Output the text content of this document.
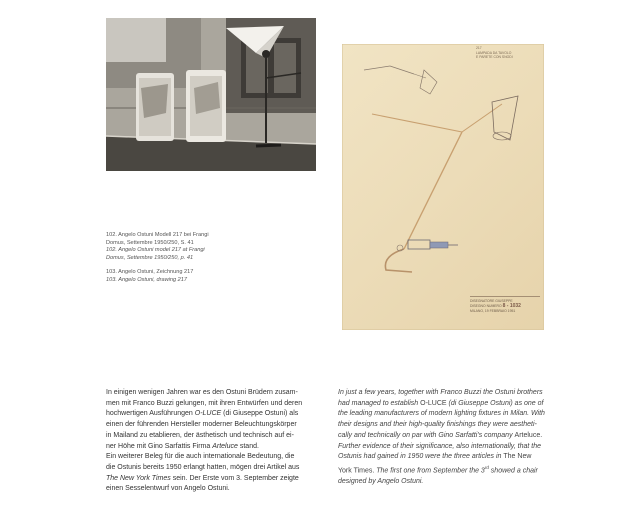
102. Angelo Ostuni Modell 217 bei Frangi
Domus, Settembre 1950/250, S. 41
102. Angelo Ostuni model 217 at Frangi
Domus, Settembre 1950/250, p. 41
103. Angelo Ostuni, Zeichnung 217
103. Angelo Ostuni, drawing 217
217
LAMPADA DA TAVOLO
E PARETE CON SNODI
DISEGNATORE GIUSEPPE
DISEGNO NUMERO 8 - 1032
MILANO, 19 FEBBRAIO 1951
In einigen wenigen Jahren war es den Ostuni Brüdern zusam-
men mit Franco Buzzi gelungen, mit ihren Entwürfen und deren
hochwertigen Ausführungen O-LUCE (di Giuseppe Ostuni) als
einen der führenden Hersteller moderner Beleuchtungskörper
in Mailand zu etablieren, der ästhetisch und technisch auf ei-
ner Höhe mit Gino Sarfattis Firma Arteluce stand.
Ein weiterer Beleg für die auch internationale Bedeutung, die
die Ostunis bereits 1950 erlangt hatten, mögen drei Artikel aus
The New York Times sein. Der Erste vom 3. September zeigte
einen Sesselentwurf von Angelo Ostuni.
In just a few years, together with Franco Buzzi the Ostuni brothers
had managed to establish O-LUCE (di Giuseppe Ostuni) as one of
the leading manufacturers of modern lighting fixtures in Milan. With
their designs and their high-quality finishings they were aestheti-
cally and technically on par with Gino Sarfatti’s company Arteluce.
Further evidence of their significance, also internationally, that the
Ostunis had gained in 1950 were the three articles in The New
York Times. The first one from September the 3rd showed a chair
designed by Angelo Ostuni.
